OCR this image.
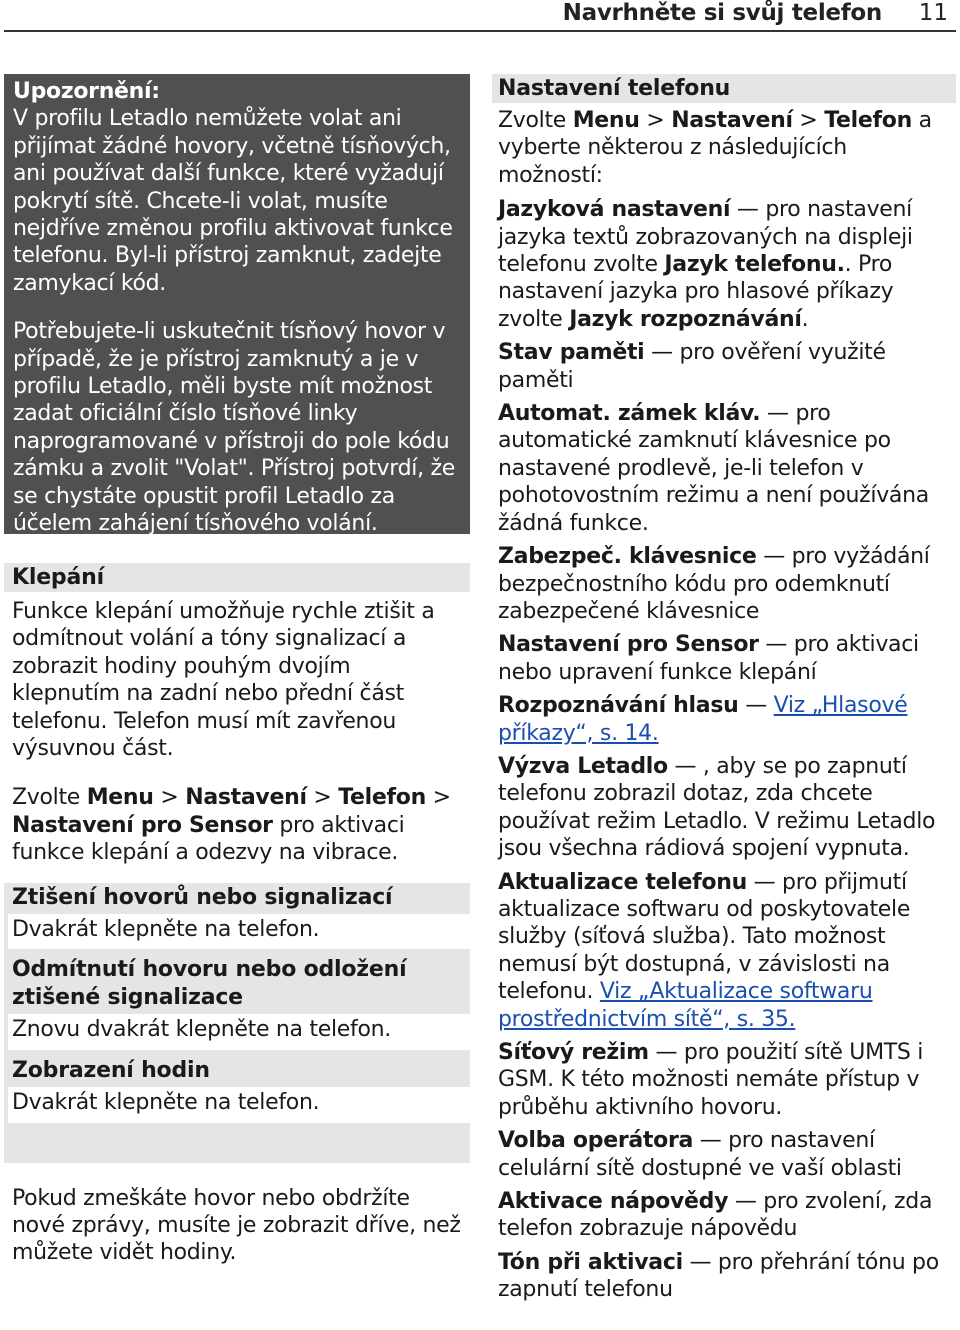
Navrhněte si svůj telefon 11

Upozornění:

V profilu Letadlo nemůžete volat ani přijímat žádné hovory, včetně tísňových, ani používat další funkce, které vyžadují pokrytí sítě. Chcete-li volat, musíte nejdříve změnou profilu aktivovat funkce telefonu. Byl-li přístroj zamknut, zadejte zamykací kód.

Potřebujete-li uskutečnit tísňový hovor v případě, že je přístroj zamknutý a je v profilu Letadlo, měli byste mít možnost zadat oficiální číslo tísňové linky naprogramované v přístroji do pole kódu zámku a zvolit "Volat". Přístroj potvrdí, že se chystáte opustit profil Letadlo za účelem zahájení tísňového volání.

Klepání

Funkce klepání umožňuje rychle ztišit a odmítnout volání a tóny signalizací a zobrazit hodiny pouhým dvojím klepnutím na zadní nebo přední část telefonu. Telefon musí mít zavřenou výsuvnou část.

Zvolte Menu > Nastavení > Telefon > Nastavení pro Sensor pro aktivaci funkce klepání a odezvy na vibrace.

Ztišení hovorů nebo signalizací
Dvakrát klepněte na telefon.
Odmítnutí hovoru nebo odložení ztišené signalizace
Znovu dvakrát klepněte na telefon.
Zobrazení hodin
Dvakrát klepněte na telefon.

Pokud zmeškáte hovor nebo obdržíte nové zprávy, musíte je zobrazit dříve, než můžete vidět hodiny.

Nastavení telefonu

Zvolte Menu > Nastavení > Telefon a vyberte některou z následujících možností:

Jazyková nastavení — pro nastavení jazyka textů zobrazovaných na displeji telefonu zvolte Jazyk telefonu.. Pro nastavení jazyka pro hlasové příkazy zvolte Jazyk rozpoznávání.

Stav paměti — pro ověření využité paměti

Automat. zámek kláv. — pro automatické zamknutí klávesnice po nastavené prodlevě, je-li telefon v pohotovostním režimu a není používána žádná funkce.

Zabezpeč. klávesnice — pro vyžádání bezpečnostního kódu pro odemknutí zabezpečené klávesnice

Nastavení pro Sensor — pro aktivaci nebo upravení funkce klepání

Rozpoznávání hlasu — Viz „Hlasové příkazy“, s. 14.

Výzva Letadlo — , aby se po zapnutí telefonu zobrazil dotaz, zda chcete používat režim Letadlo. V režimu Letadlo jsou všechna rádiová spojení vypnuta.

Aktualizace telefonu — pro přijmutí aktualizace softwaru od poskytovatele služby (síťová služba). Tato možnost nemusí být dostupná, v závislosti na telefonu. Viz „Aktualizace softwaru prostřednictvím sítě“, s. 35.

Síťový režim — pro použití sítě UMTS i GSM. K této možnosti nemáte přístup v průběhu aktivního hovoru.

Volba operátora — pro nastavení celulární sítě dostupné ve vaší oblasti

Aktivace nápovědy — pro zvolení, zda telefon zobrazuje nápovědu

Tón při aktivaci — pro přehrání tónu po zapnutí telefonu
